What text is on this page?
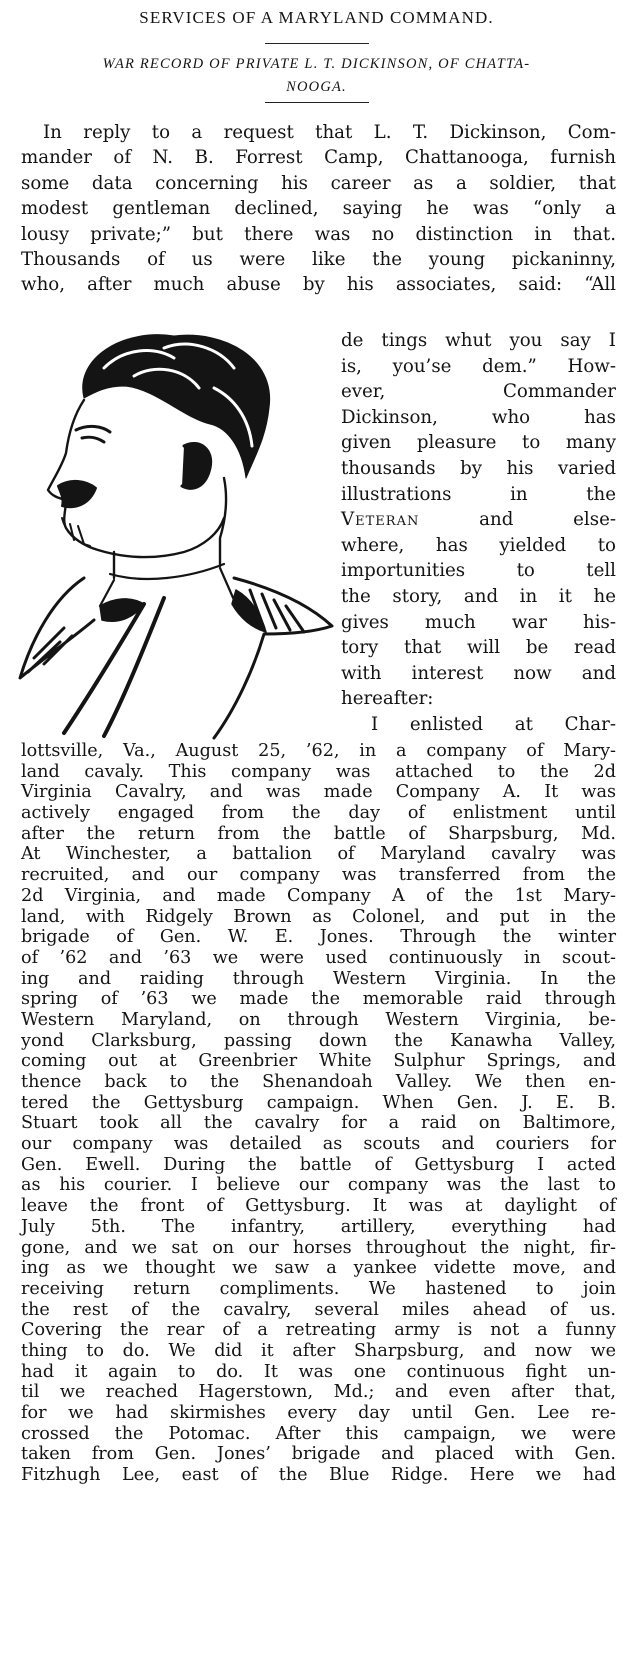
SERVICES OF A MARYLAND COMMAND.
WAR RECORD OF PRIVATE L. T. DICKINSON, OF CHATTA-
NOOGA.
In reply to a request that L. T. Dickinson, Com-
mander of N. B. Forrest Camp, Chattanooga, furnish
some data concerning his career as a soldier, that
modest gentleman declined, saying he was “only a
lousy private;” but there was no distinction in that.
Thousands of us were like the young pickaninny,
who, after much abuse by his associates, said: “All
de tings whut you say I
is, you’se dem.” How-
ever, Commander
Dickinson, who has
given pleasure to many
thousands by his varied
illustrations in the
Veteran and else-
where, has yielded to
importunities to tell
the story, and in it he
gives much war his-
tory that will be read
with interest now and
hereafter:
I enlisted at Char-
lottsville, Va., August 25, ’62, in a company of Mary-
land cavaly. This company was attached to the 2d
Virginia Cavalry, and was made Company A. It was
actively engaged from the day of enlistment until
after the return from the battle of Sharpsburg, Md.
At Winchester, a battalion of Maryland cavalry was
recruited, and our company was transferred from the
2d Virginia, and made Company A of the 1st Mary-
land, with Ridgely Brown as Colonel, and put in the
brigade of Gen. W. E. Jones. Through the winter
of ’62 and ’63 we were used continuously in scout-
ing and raiding through Western Virginia. In the
spring of ’63 we made the memorable raid through
Western Maryland, on through Western Virginia, be-
yond Clarksburg, passing down the Kanawha Valley,
coming out at Greenbrier White Sulphur Springs, and
thence back to the Shenandoah Valley. We then en-
tered the Gettysburg campaign. When Gen. J. E. B.
Stuart took all the cavalry for a raid on Baltimore,
our company was detailed as scouts and couriers for
Gen. Ewell. During the battle of Gettysburg I acted
as his courier. I believe our company was the last to
leave the front of Gettysburg. It was at daylight of
July 5th. The infantry, artillery, everything had
gone, and we sat on our horses throughout the night, fir-
ing as we thought we saw a yankee vidette move, and
receiving return compliments. We hastened to join
the rest of the cavalry, several miles ahead of us.
Covering the rear of a retreating army is not a funny
thing to do. We did it after Sharpsburg, and now we
had it again to do. It was one continuous fight un-
til we reached Hagerstown, Md.; and even after that,
for we had skirmishes every day until Gen. Lee re-
crossed the Potomac. After this campaign, we were
taken from Gen. Jones’ brigade and placed with Gen.
Fitzhugh Lee, east of the Blue Ridge. Here we had
